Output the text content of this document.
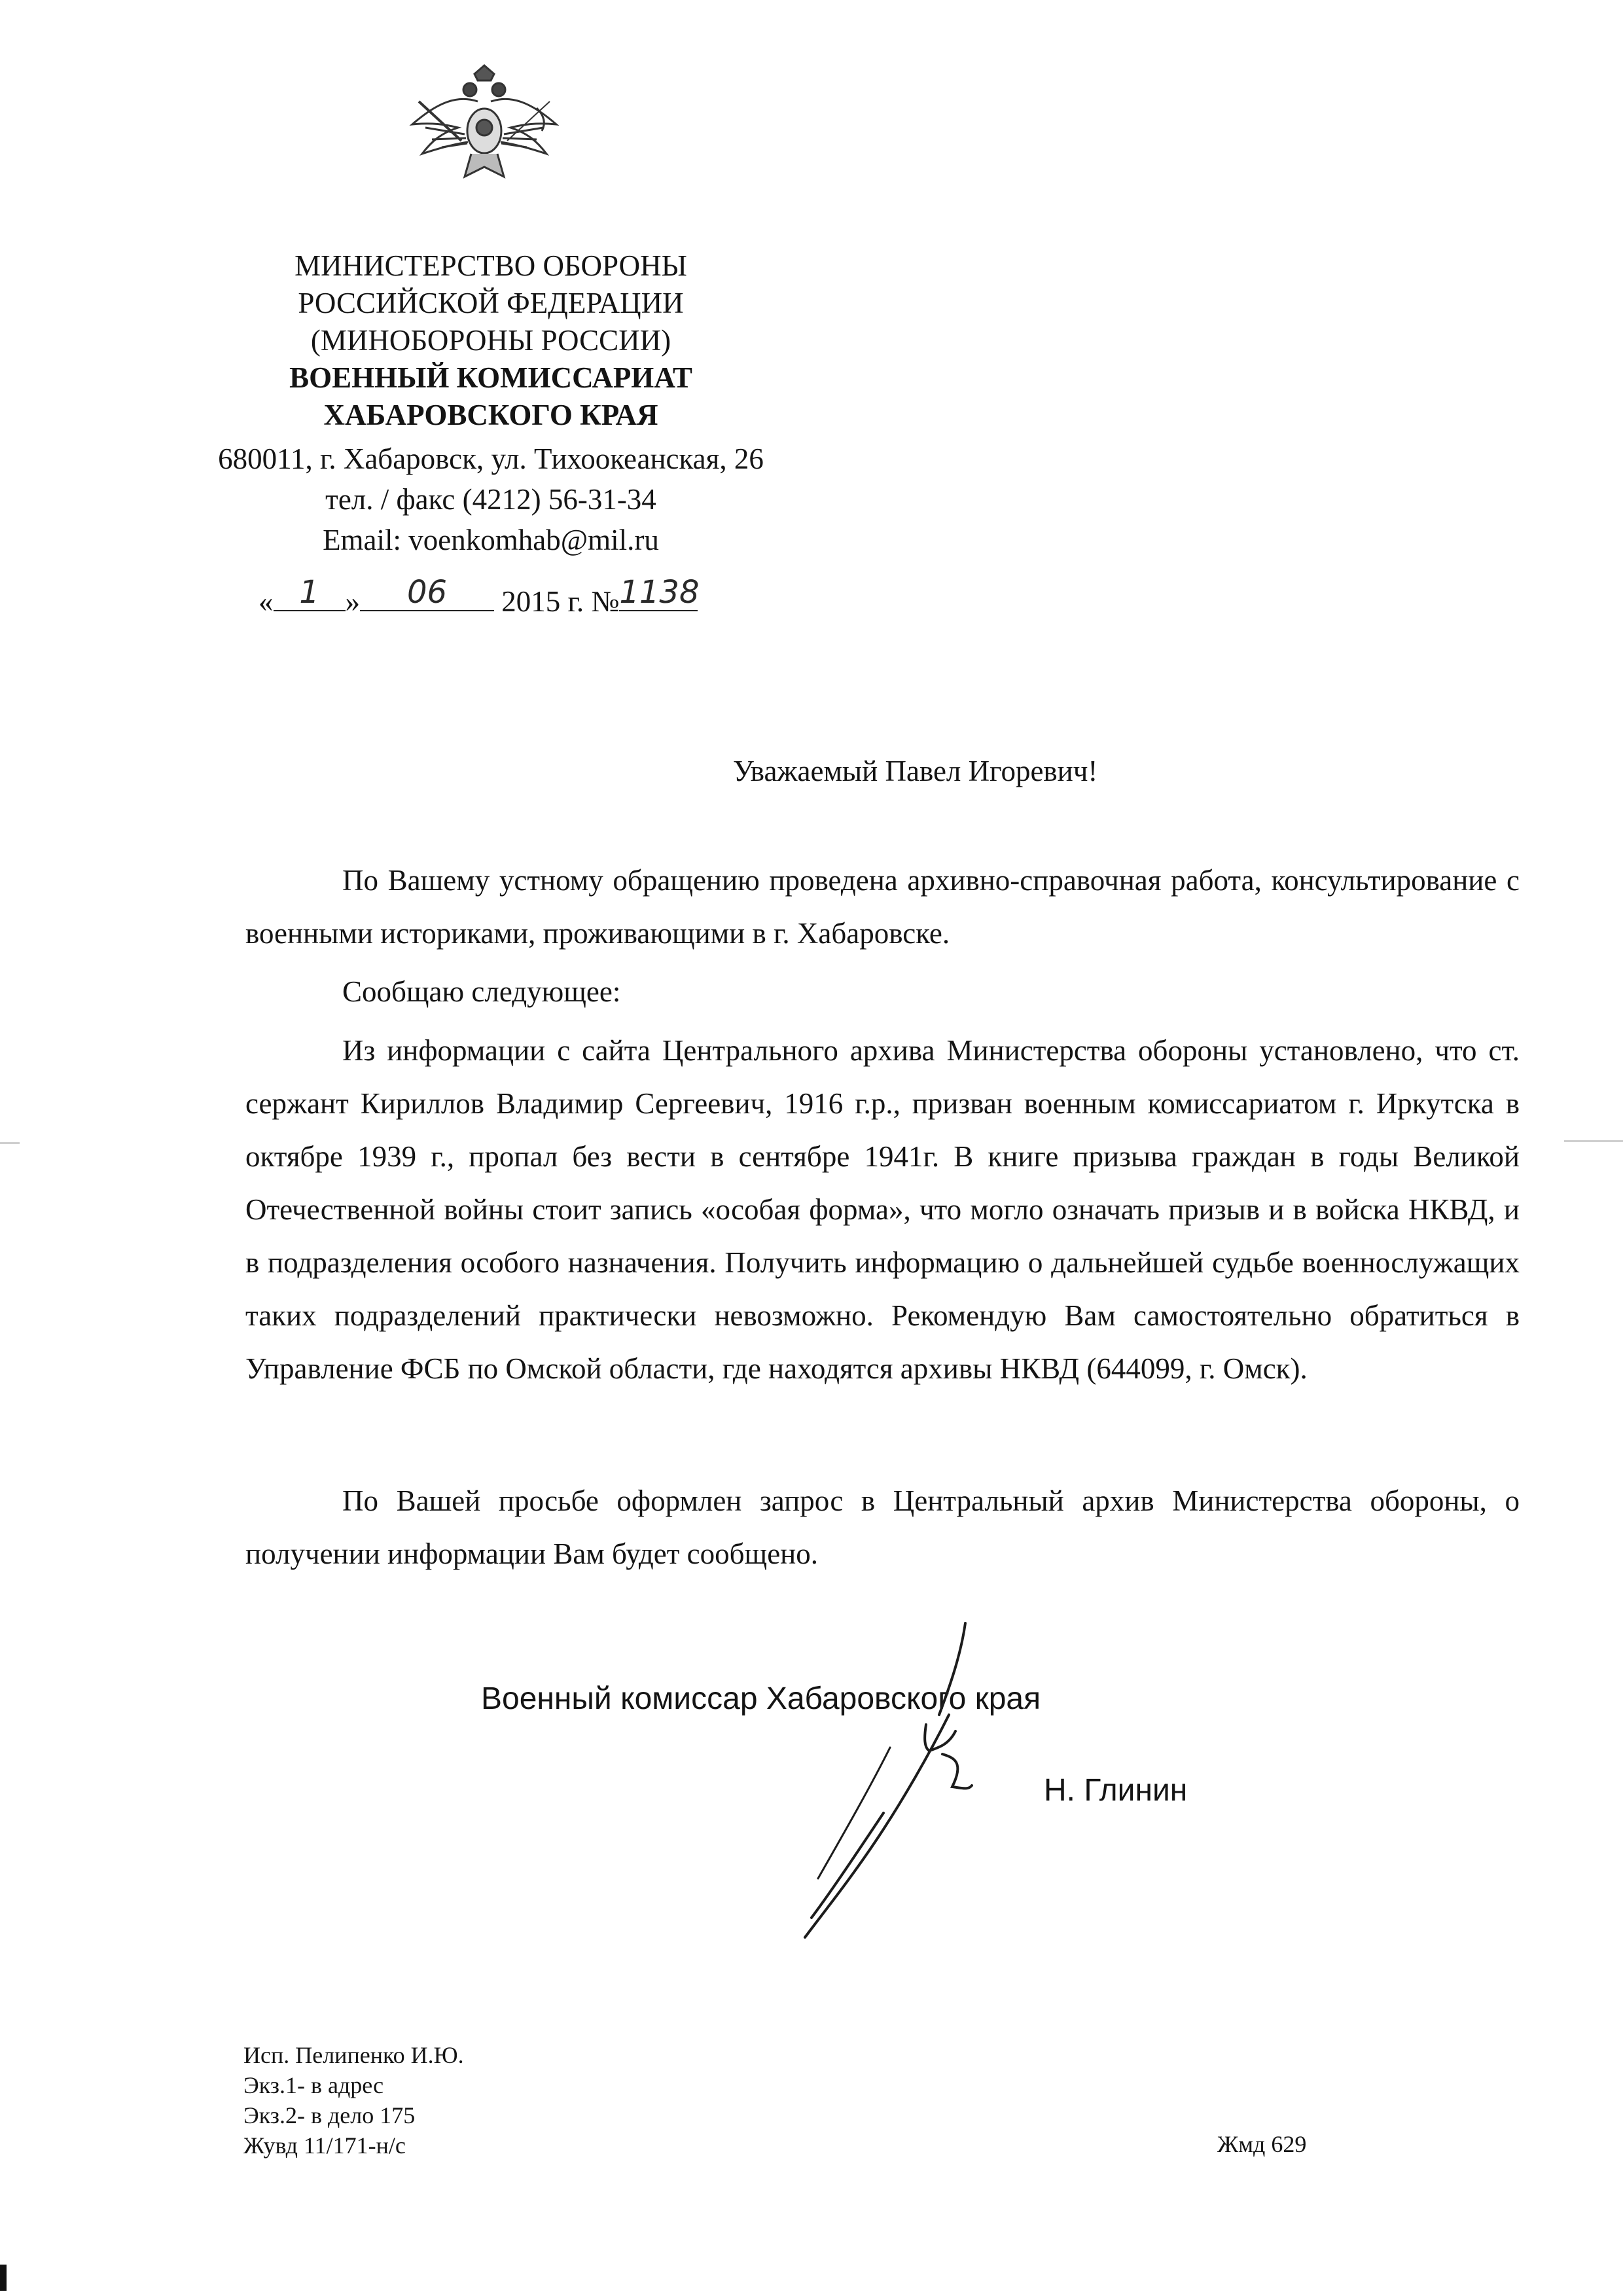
МИНИСТЕРСТВО ОБОРОНЫ
РОССИЙСКОЙ ФЕДЕРАЦИИ
(МИНОБОРОНЫ РОССИИ)
ВОЕННЫЙ КОМИССАРИАТ
ХАБАРОВСКОГО КРАЯ
680011, г. Хабаровск, ул. Тихоокеанская, 26
тел. / факс (4212) 56-31-34
Email: voenkomhab@mil.ru
« 1 »	06	2015 г. № 1138
Уважаемый Павел Игоревич!
По Вашему устному обращению проведена архивно-справочная работа, консультирование с военными историками, проживающими в г. Хабаровске.
Сообщаю следующее:
Из информации с сайта Центрального архива Министерства обороны установлено, что ст. сержант Кириллов Владимир Сергеевич, 1916 г.р., призван военным комиссариатом г. Иркутска в октябре 1939 г., пропал без вести в сентябре 1941г. В книге призыва граждан в годы Великой Отечественной войны стоит запись «особая форма», что могло означать призыв и в войска НКВД, и в подразделения особого назначения. Получить информацию о дальнейшей судьбе военнослужащих таких подразделений практически невозможно. Рекомендую Вам самостоятельно обратиться в Управление ФСБ по Омской области, где находятся архивы НКВД (644099, г. Омск).
По Вашей просьбе оформлен запрос в Центральный архив Министерства обороны, о получении информации Вам будет сообщено.
Военный комиссар Хабаровского края
Н. Глинин
Исп. Пелипенко И.Ю.
Экз.1- в адрес
Экз.2- в дело 175
Жувд 11/171-н/с	Жмд 629
